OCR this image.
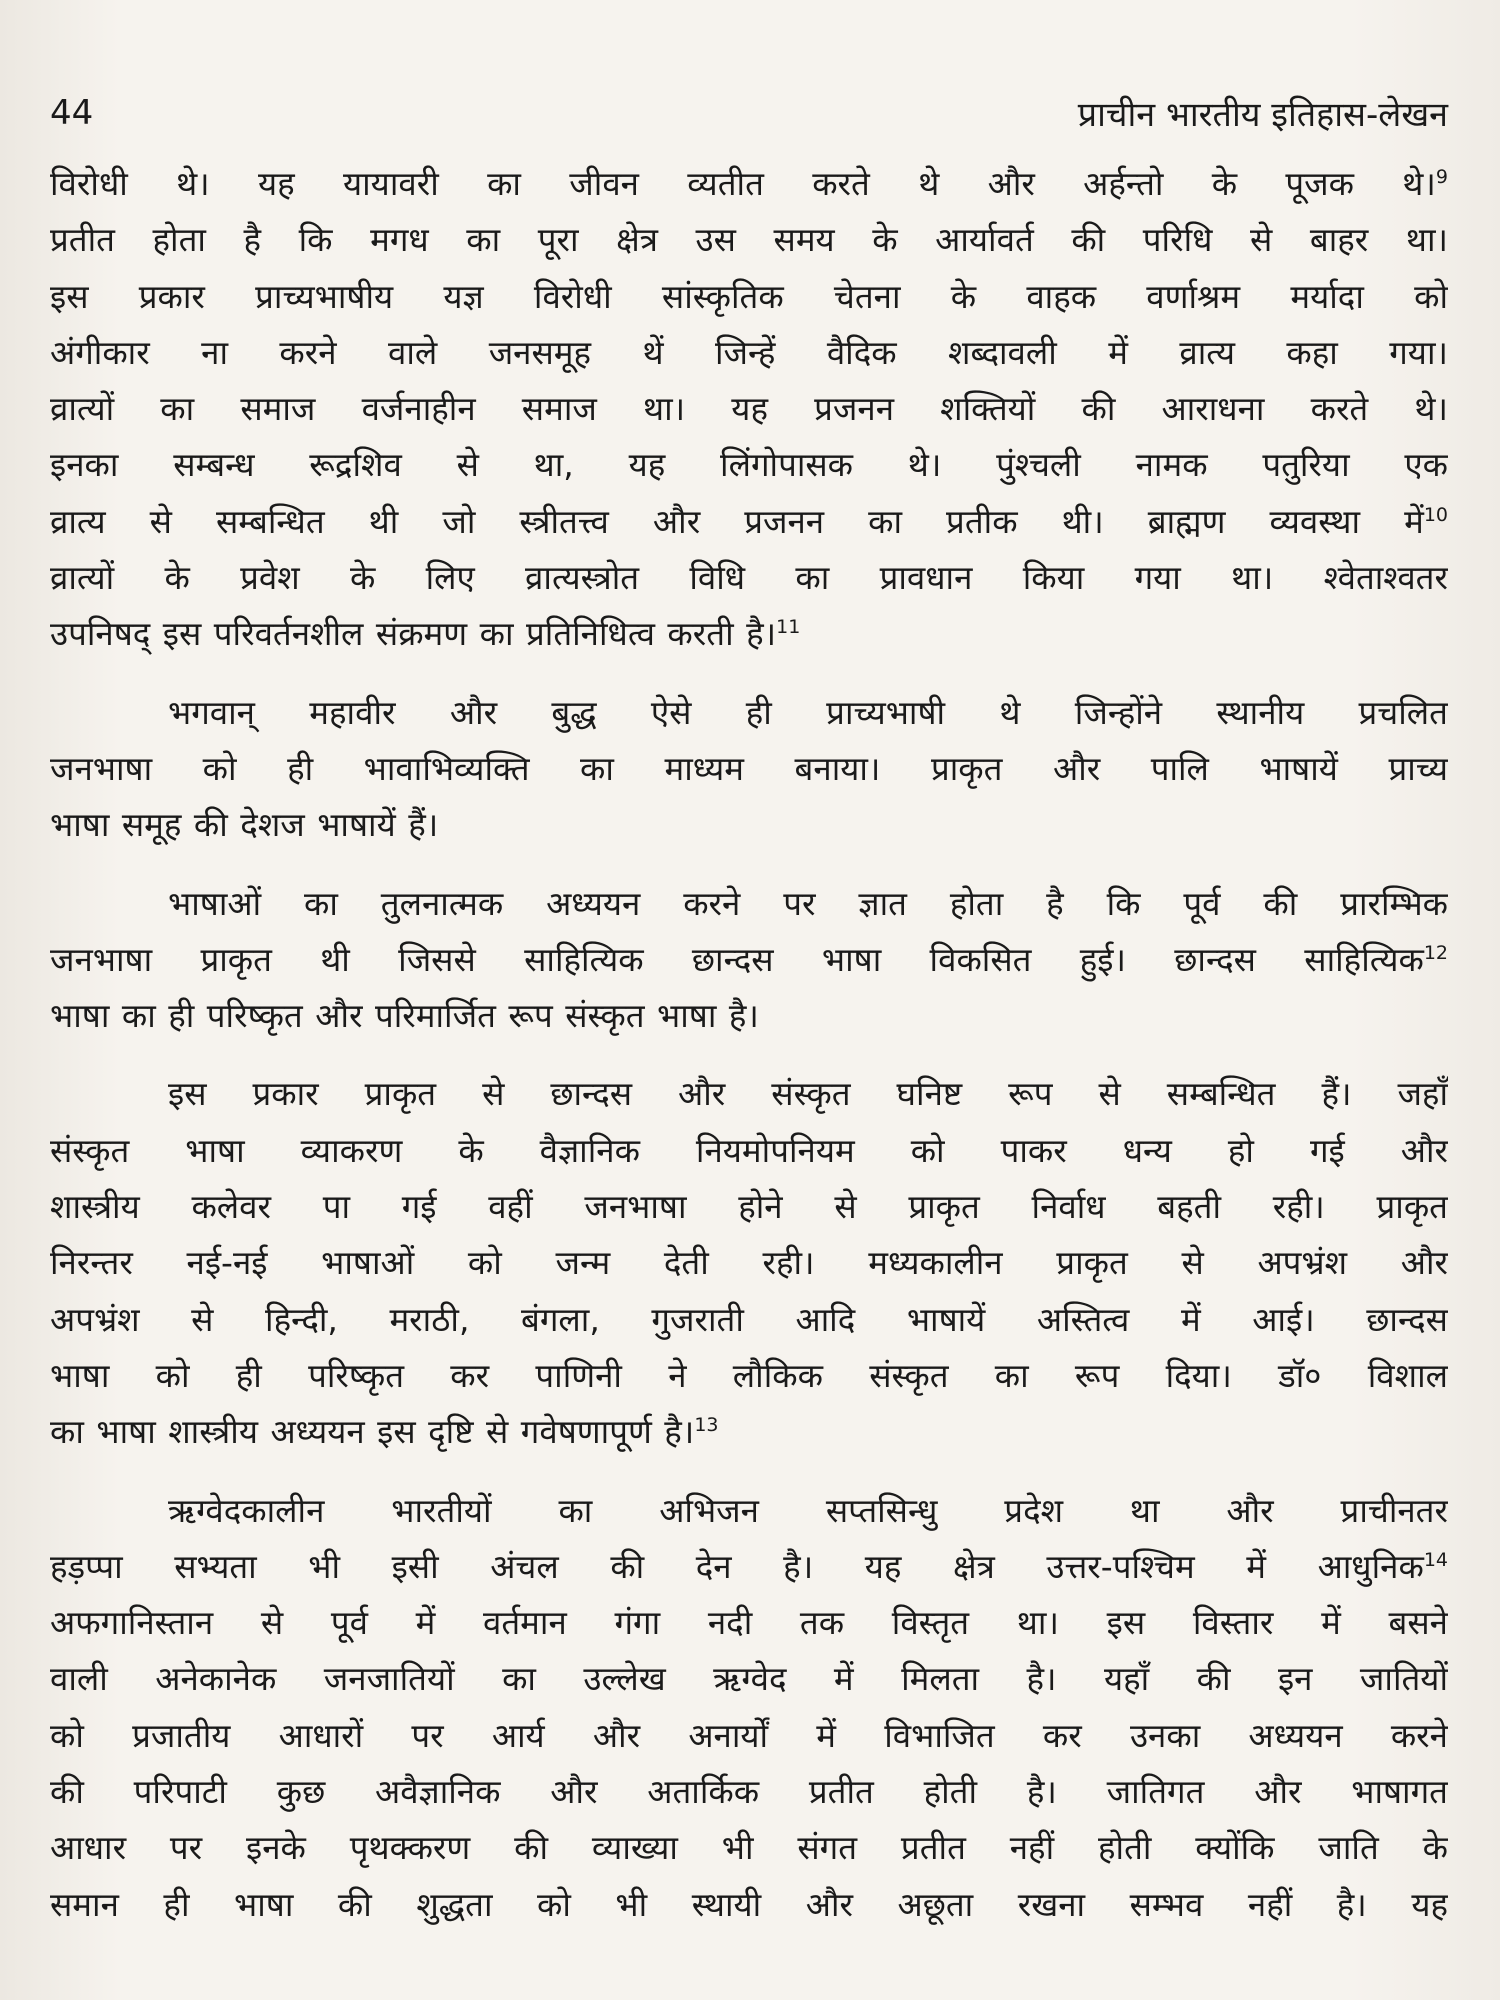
44	प्राचीन भारतीय इतिहास-लेखन

विरोधी थे। यह यायावरी का जीवन व्यतीत करते थे और अर्हन्तो के पूजक थे।$^9$
प्रतीत होता है कि मगध का पूरा क्षेत्र उस समय के आर्यावर्त की परिधि से बाहर था।
इस प्रकार प्राच्यभाषीय यज्ञ विरोधी सांस्कृतिक चेतना के वाहक वर्णाश्रम मर्यादा को
अंगीकार ना करने वाले जनसमूह थें जिन्हें वैदिक शब्दावली में व्रात्य कहा गया।
व्रात्यों का समाज वर्जनाहीन समाज था। यह प्रजनन शक्तियों की आराधना करते थे।
इनका सम्बन्ध रूद्रशिव से था, यह लिंगोपासक थे। पुंश्चली नामक पतुरिया एक
व्रात्य से सम्बन्धित थी जो स्त्रीतत्त्व और प्रजनन का प्रतीक थी। ब्राह्मण व्यवस्था में$^{10}$
व्रात्यों के प्रवेश के लिए व्रात्यस्त्रोत विधि का प्रावधान किया गया था। श्वेताश्वतर
उपनिषद् इस परिवर्तनशील संक्रमण का प्रतिनिधित्व करती है।$^{11}$

भगवान् महावीर और बुद्ध ऐसे ही प्राच्यभाषी थे जिन्होंने स्थानीय प्रचलित
जनभाषा को ही भावाभिव्यक्ति का माध्यम बनाया। प्राकृत और पालि भाषायें प्राच्य
भाषा समूह की देशज भाषायें हैं।

भाषाओं का तुलनात्मक अध्ययन करने पर ज्ञात होता है कि पूर्व की प्रारम्भिक
जनभाषा प्राकृत थी जिससे साहित्यिक छान्दस भाषा विकसित हुई। छान्दस साहित्यिक$^{12}$
भाषा का ही परिष्कृत और परिमार्जित रूप संस्कृत भाषा है।

इस प्रकार प्राकृत से छान्दस और संस्कृत घनिष्ट रूप से सम्बन्धित हैं। जहाँ
संस्कृत भाषा व्याकरण के वैज्ञानिक नियमोपनियम को पाकर धन्य हो गई और
शास्त्रीय कलेवर पा गई वहीं जनभाषा होने से प्राकृत निर्वाध बहती रही। प्राकृत
निरन्तर नई-नई भाषाओं को जन्म देती रही। मध्यकालीन प्राकृत से अपभ्रंश और
अपभ्रंश से हिन्दी, मराठी, बंगला, गुजराती आदि भाषायें अस्तित्व में आई। छान्दस
भाषा को ही परिष्कृत कर पाणिनी ने लौकिक संस्कृत का रूप दिया। डॉ० विशाल
का भाषा शास्त्रीय अध्ययन इस दृष्टि से गवेषणापूर्ण है।$^{13}$

ऋग्वेदकालीन भारतीयों का अभिजन सप्तसिन्धु प्रदेश था और प्राचीनतर
हड़प्पा सभ्यता भी इसी अंचल की देन है। यह क्षेत्र उत्तर-पश्चिम में आधुनिक$^{14}$
अफगानिस्तान से पूर्व में वर्तमान गंगा नदी तक विस्तृत था। इस विस्तार में बसने
वाली अनेकानेक जनजातियों का उल्लेख ऋग्वेद में मिलता है। यहाँ की इन जातियों
को प्रजातीय आधारों पर आर्य और अनार्यों में विभाजित कर उनका अध्ययन करने
की परिपाटी कुछ अवैज्ञानिक और अतार्किक प्रतीत होती है। जातिगत और भाषागत
आधार पर इनके पृथक्करण की व्याख्या भी संगत प्रतीत नहीं होती क्योंकि जाति के
समान ही भाषा की शुद्धता को भी स्थायी और अछूता रखना सम्भव नहीं है। यह
